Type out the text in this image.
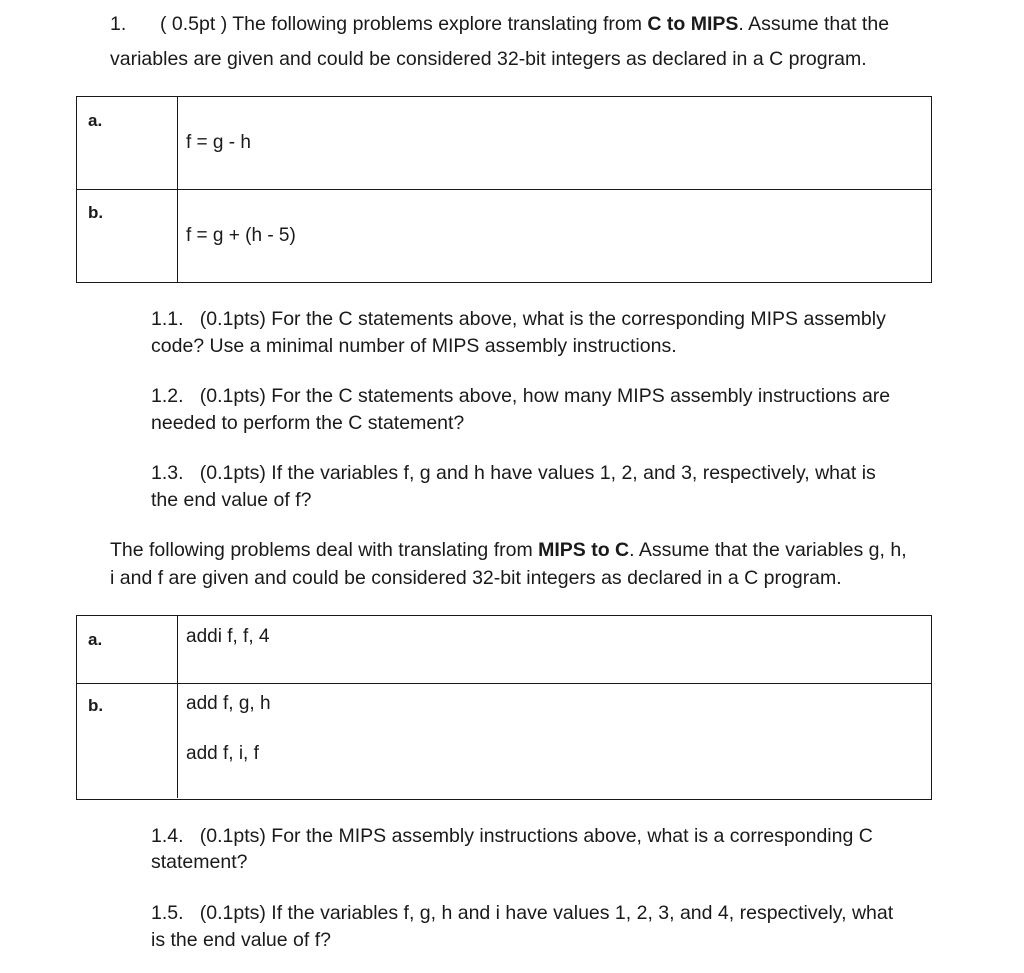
1. ( 0.5pt ) The following problems explore translating from C to MIPS. Assume that the
variables are given and could be considered 32-bit integers as declared in a C program.
a.
f = g - h
b.
f = g + (h - 5)
1.1.   (0.1pts) For the C statements above, what is the corresponding MIPS assembly
code? Use a minimal number of MIPS assembly instructions.
1.2.   (0.1pts) For the C statements above, how many MIPS assembly instructions are
needed to perform the C statement?
1.3.   (0.1pts) If the variables f, g and h have values 1, 2, and 3, respectively, what is
the end value of f?
The following problems deal with translating from MIPS to C. Assume that the variables g, h,
i and f are given and could be considered 32-bit integers as declared in a C program.
a.	addi f, f, 4
b.	add f, g, h
add f, i, f
1.4.   (0.1pts) For the MIPS assembly instructions above, what is a corresponding C
statement?
1.5.   (0.1pts) If the variables f, g, h and i have values 1, 2, 3, and 4, respectively, what
is the end value of f?
